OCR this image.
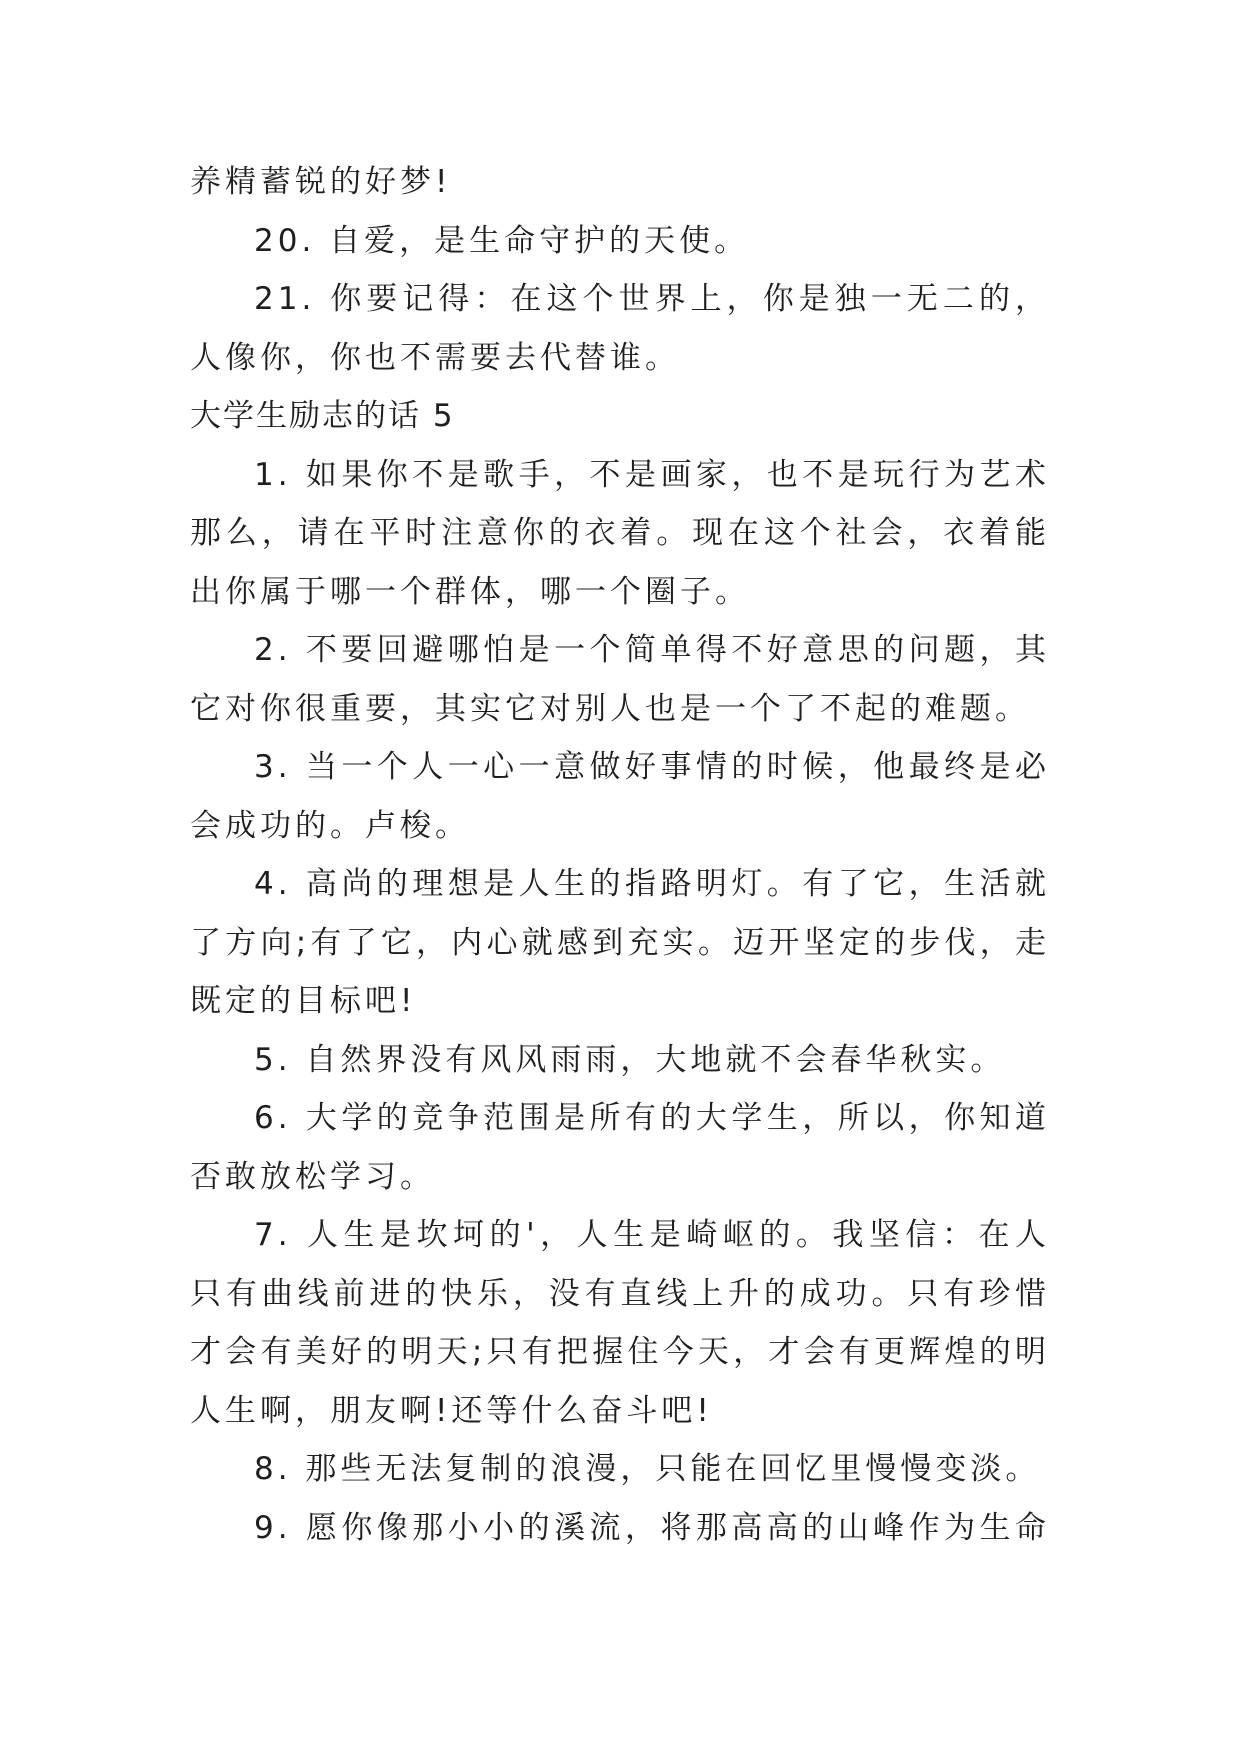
养精蓄锐的好梦!
20. 自爱，是生命守护的天使。
21. 你要记得：在这个世界上，你是独一无二的，
人像你，你也不需要去代替谁。
大学生励志的话 5
1. 如果你不是歌手，不是画家，也不是玩行为艺术
那么，请在平时注意你的衣着。现在这个社会，衣着能
出你属于哪一个群体，哪一个圈子。
2. 不要回避哪怕是一个简单得不好意思的问题，其
它对你很重要，其实它对别人也是一个了不起的难题。
3. 当一个人一心一意做好事情的时候，他最终是必
会成功的。卢梭。
4. 高尚的理想是人生的指路明灯。有了它，生活就
了方向;有了它，内心就感到充实。迈开坚定的步伐，走
既定的目标吧!
5. 自然界没有风风雨雨，大地就不会春华秋实。
6. 大学的竞争范围是所有的大学生，所以，你知道
否敢放松学习。
7. 人生是坎坷的'，人生是崎岖的。我坚信：在人
只有曲线前进的快乐，没有直线上升的成功。只有珍惜
才会有美好的明天;只有把握住今天，才会有更辉煌的明
人生啊，朋友啊!还等什么奋斗吧!
8. 那些无法复制的浪漫，只能在回忆里慢慢变淡。
9. 愿你像那小小的溪流，将那高高的山峰作为生命
